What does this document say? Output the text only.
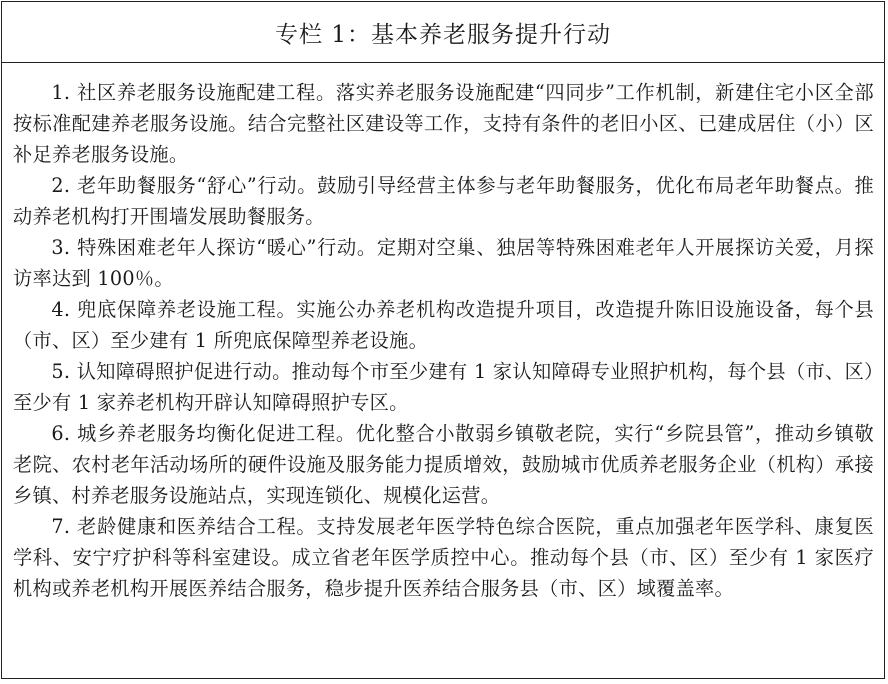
专栏 1：基本养老服务提升行动

1. 社区养老服务设施配建工程。落实养老服务设施配建“四同步”工作机制，新建住宅小区全部按标准配建养老服务设施。结合完整社区建设等工作，支持有条件的老旧小区、已建成居住（小）区补足养老服务设施。

2. 老年助餐服务“舒心”行动。鼓励引导经营主体参与老年助餐服务，优化布局老年助餐点。推动养老机构打开围墙发展助餐服务。

3. 特殊困难老年人探访“暖心”行动。定期对空巢、独居等特殊困难老年人开展探访关爱，月探访率达到 100％。

4. 兜底保障养老设施工程。实施公办养老机构改造提升项目，改造提升陈旧设施设备，每个县（市、区）至少建有 1 所兜底保障型养老设施。

5. 认知障碍照护促进行动。推动每个市至少建有 1 家认知障碍专业照护机构，每个县（市、区）至少有 1 家养老机构开辟认知障碍照护专区。

6. 城乡养老服务均衡化促进工程。优化整合小散弱乡镇敬老院，实行“乡院县管”，推动乡镇敬老院、农村老年活动场所的硬件设施及服务能力提质增效，鼓励城市优质养老服务企业（机构）承接乡镇、村养老服务设施站点，实现连锁化、规模化运营。

7. 老龄健康和医养结合工程。支持发展老年医学特色综合医院，重点加强老年医学科、康复医学科、安宁疗护科等科室建设。成立省老年医学质控中心。推动每个县（市、区）至少有 1 家医疗机构或养老机构开展医养结合服务，稳步提升医养结合服务县（市、区）域覆盖率。
